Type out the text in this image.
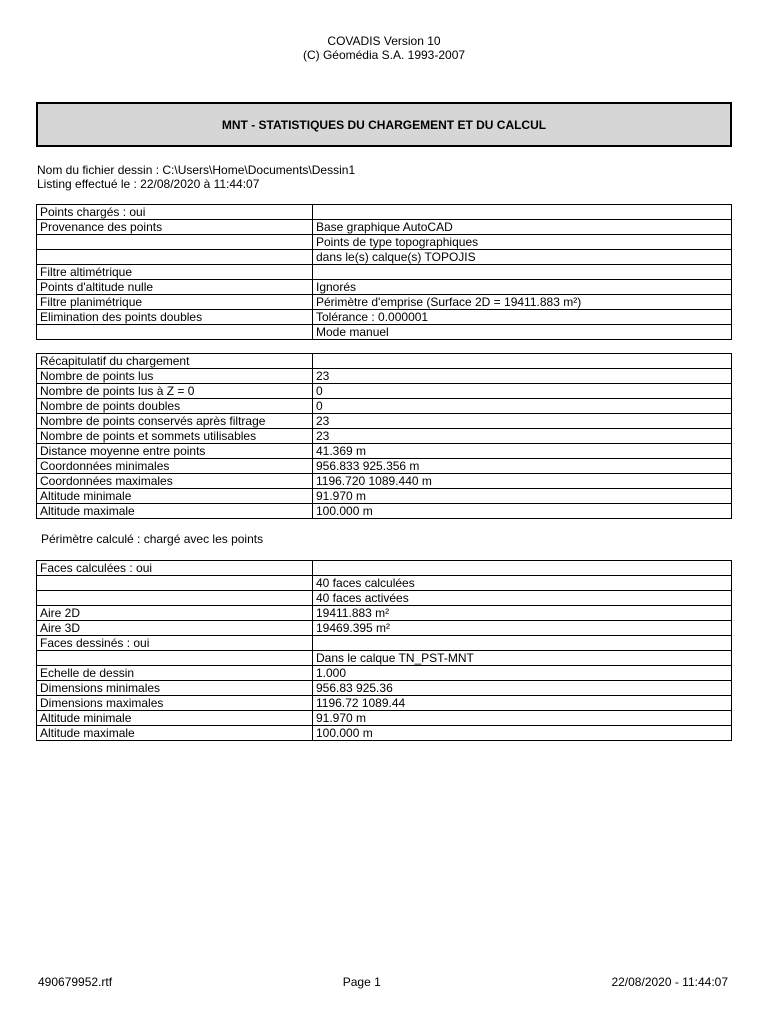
COVADIS Version 10
(C) Géomédia S.A. 1993-2007
MNT - STATISTIQUES DU CHARGEMENT ET DU CALCUL
Nom du fichier dessin : C:\Users\Home\Documents\Dessin1
Listing effectué le : 22/08/2020 à 11:44:07
Points chargés : oui	
Provenance des points	Base graphique AutoCAD
	Points de type topographiques
	dans le(s) calque(s) TOPOJIS
Filtre altimétrique	
Points d'altitude nulle	Ignorés
Filtre planimétrique	Périmètre d'emprise (Surface 2D = 19411.883 m²)
Elimination des points doubles	Tolérance : 0.000001
	Mode manuel
Récapitulatif du chargement	
Nombre de points lus	23
Nombre de points lus à Z = 0	0
Nombre de points doubles	0
Nombre de points conservés après filtrage	23
Nombre de points et sommets utilisables	23
Distance moyenne entre points	41.369 m
Coordonnées minimales	956.833 925.356 m
Coordonnées maximales	1196.720 1089.440 m
Altitude minimale	91.970 m
Altitude maximale	100.000 m
Périmètre calculé : chargé avec les points
Faces calculées : oui	
	40 faces calculées
	40 faces activées
Aire 2D	19411.883 m²
Aire 3D	19469.395 m²
Faces dessinés : oui	
	Dans le calque TN_PST-MNT
Echelle de dessin	1.000
Dimensions minimales	956.83 925.36
Dimensions maximales	1196.72 1089.44
Altitude minimale	91.970 m
Altitude maximale	100.000 m
490679952.rtf	Page 1	22/08/2020 - 11:44:07
